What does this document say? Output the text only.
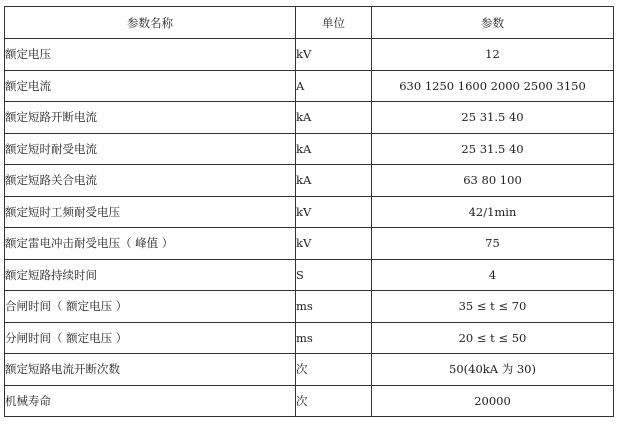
参数名称	单位	参数
额定电压	kV	12
额定电流	A	630 1250 1600 2000 2500 3150
额定短路开断电流	kA	25 31.5 40
额定短时耐受电流	kA	25 31.5 40
额定短路关合电流	kA	63 80 100
额定短时工频耐受电压	kV	42/1min
额定雷电冲击耐受电压（ 峰值 ）	kV	75
额定短路持续时间	S	4
合闸时间（ 额定电压 ）	ms	35 ≤ t ≤ 70
分闸时间（ 额定电压 ）	ms	20 ≤ t ≤ 50
额定短路电流开断次数	次	50(40kA 为 30)
机械寿命	次	20000
